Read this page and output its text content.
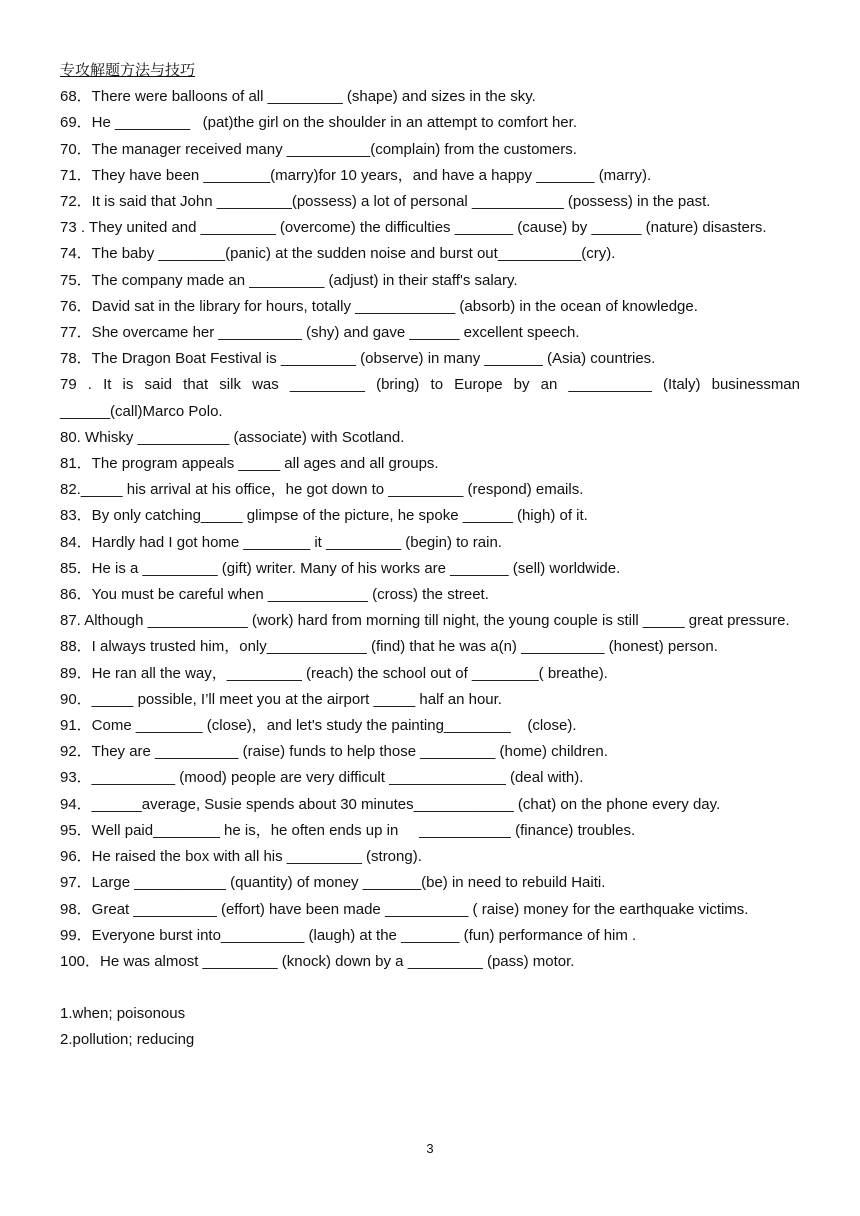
专攻解题方法与技巧

68．There were balloons of all _________ (shape) and sizes in the sky.

69．He _________   (pat)the girl on the shoulder in an attempt to comfort her.

70．The manager received many __________(complain) from the customers.

71．They have been ________(marry)for 10 years，and have a happy _______ (marry).

72．It is said that John _________(possess) a lot of personal ___________ (possess) in the past.

73 . They united and _________ (overcome) the difficulties _______ (cause) by ______ (nature) disasters.

74．The baby ________(panic) at the sudden noise and burst out__________(cry).

75．The company made an _________ (adjust) in their staff's salary.

76．David sat in the library for hours, totally ____________ (absorb) in the ocean of knowledge.

77．She overcame her __________ (shy) and gave ______ excellent speech.

78．The Dragon Boat Festival is _________ (observe) in many _______ (Asia) countries.

79 . It is said that silk was _________ (bring) to Europe by an __________ (Italy) businessman ______(call)Marco Polo.

80. Whisky ___________ (associate) with Scotland.

81．The program appeals _____ all ages and all groups.

82._____ his arrival at his office，he got down to _________ (respond) emails.

83．By only catching_____ glimpse of the picture, he spoke ______ (high) of it.

84．Hardly had I got home ________ it _________ (begin) to rain.

85．He is a _________ (gift) writer. Many of his works are _______ (sell) worldwide.

86．You must be careful when ____________ (cross) the street.

87. Although ____________ (work) hard from morning till night, the young couple is still _____ great pressure.

88．I always trusted him，only____________ (find) that he was a(n) __________ (honest) person.

89．He ran all the way，_________ (reach) the school out of ________( breathe).

90．_____ possible, I’ll meet you at the airport _____ half an hour.

91．Come ________ (close)，and let's study the painting________    (close).

92．They are __________ (raise) funds to help those _________ (home) children.

93．__________ (mood) people are very difficult ______________ (deal with).

94．______average, Susie spends about 30 minutes____________ (chat) on the phone every day.

95．Well paid________ he is，he often ends up in     ___________ (finance) troubles.

96．He raised the box with all his _________ (strong).

97．Large ___________ (quantity) of money _______(be) in need to rebuild Haiti.

98．Great __________ (effort) have been made __________ ( raise) money for the earthquake victims.

99．Everyone burst into__________ (laugh) at the _______ (fun) performance of him .

100．He was almost _________ (knock) down by a _________ (pass) motor.

1.when; poisonous

2.pollution; reducing

3
